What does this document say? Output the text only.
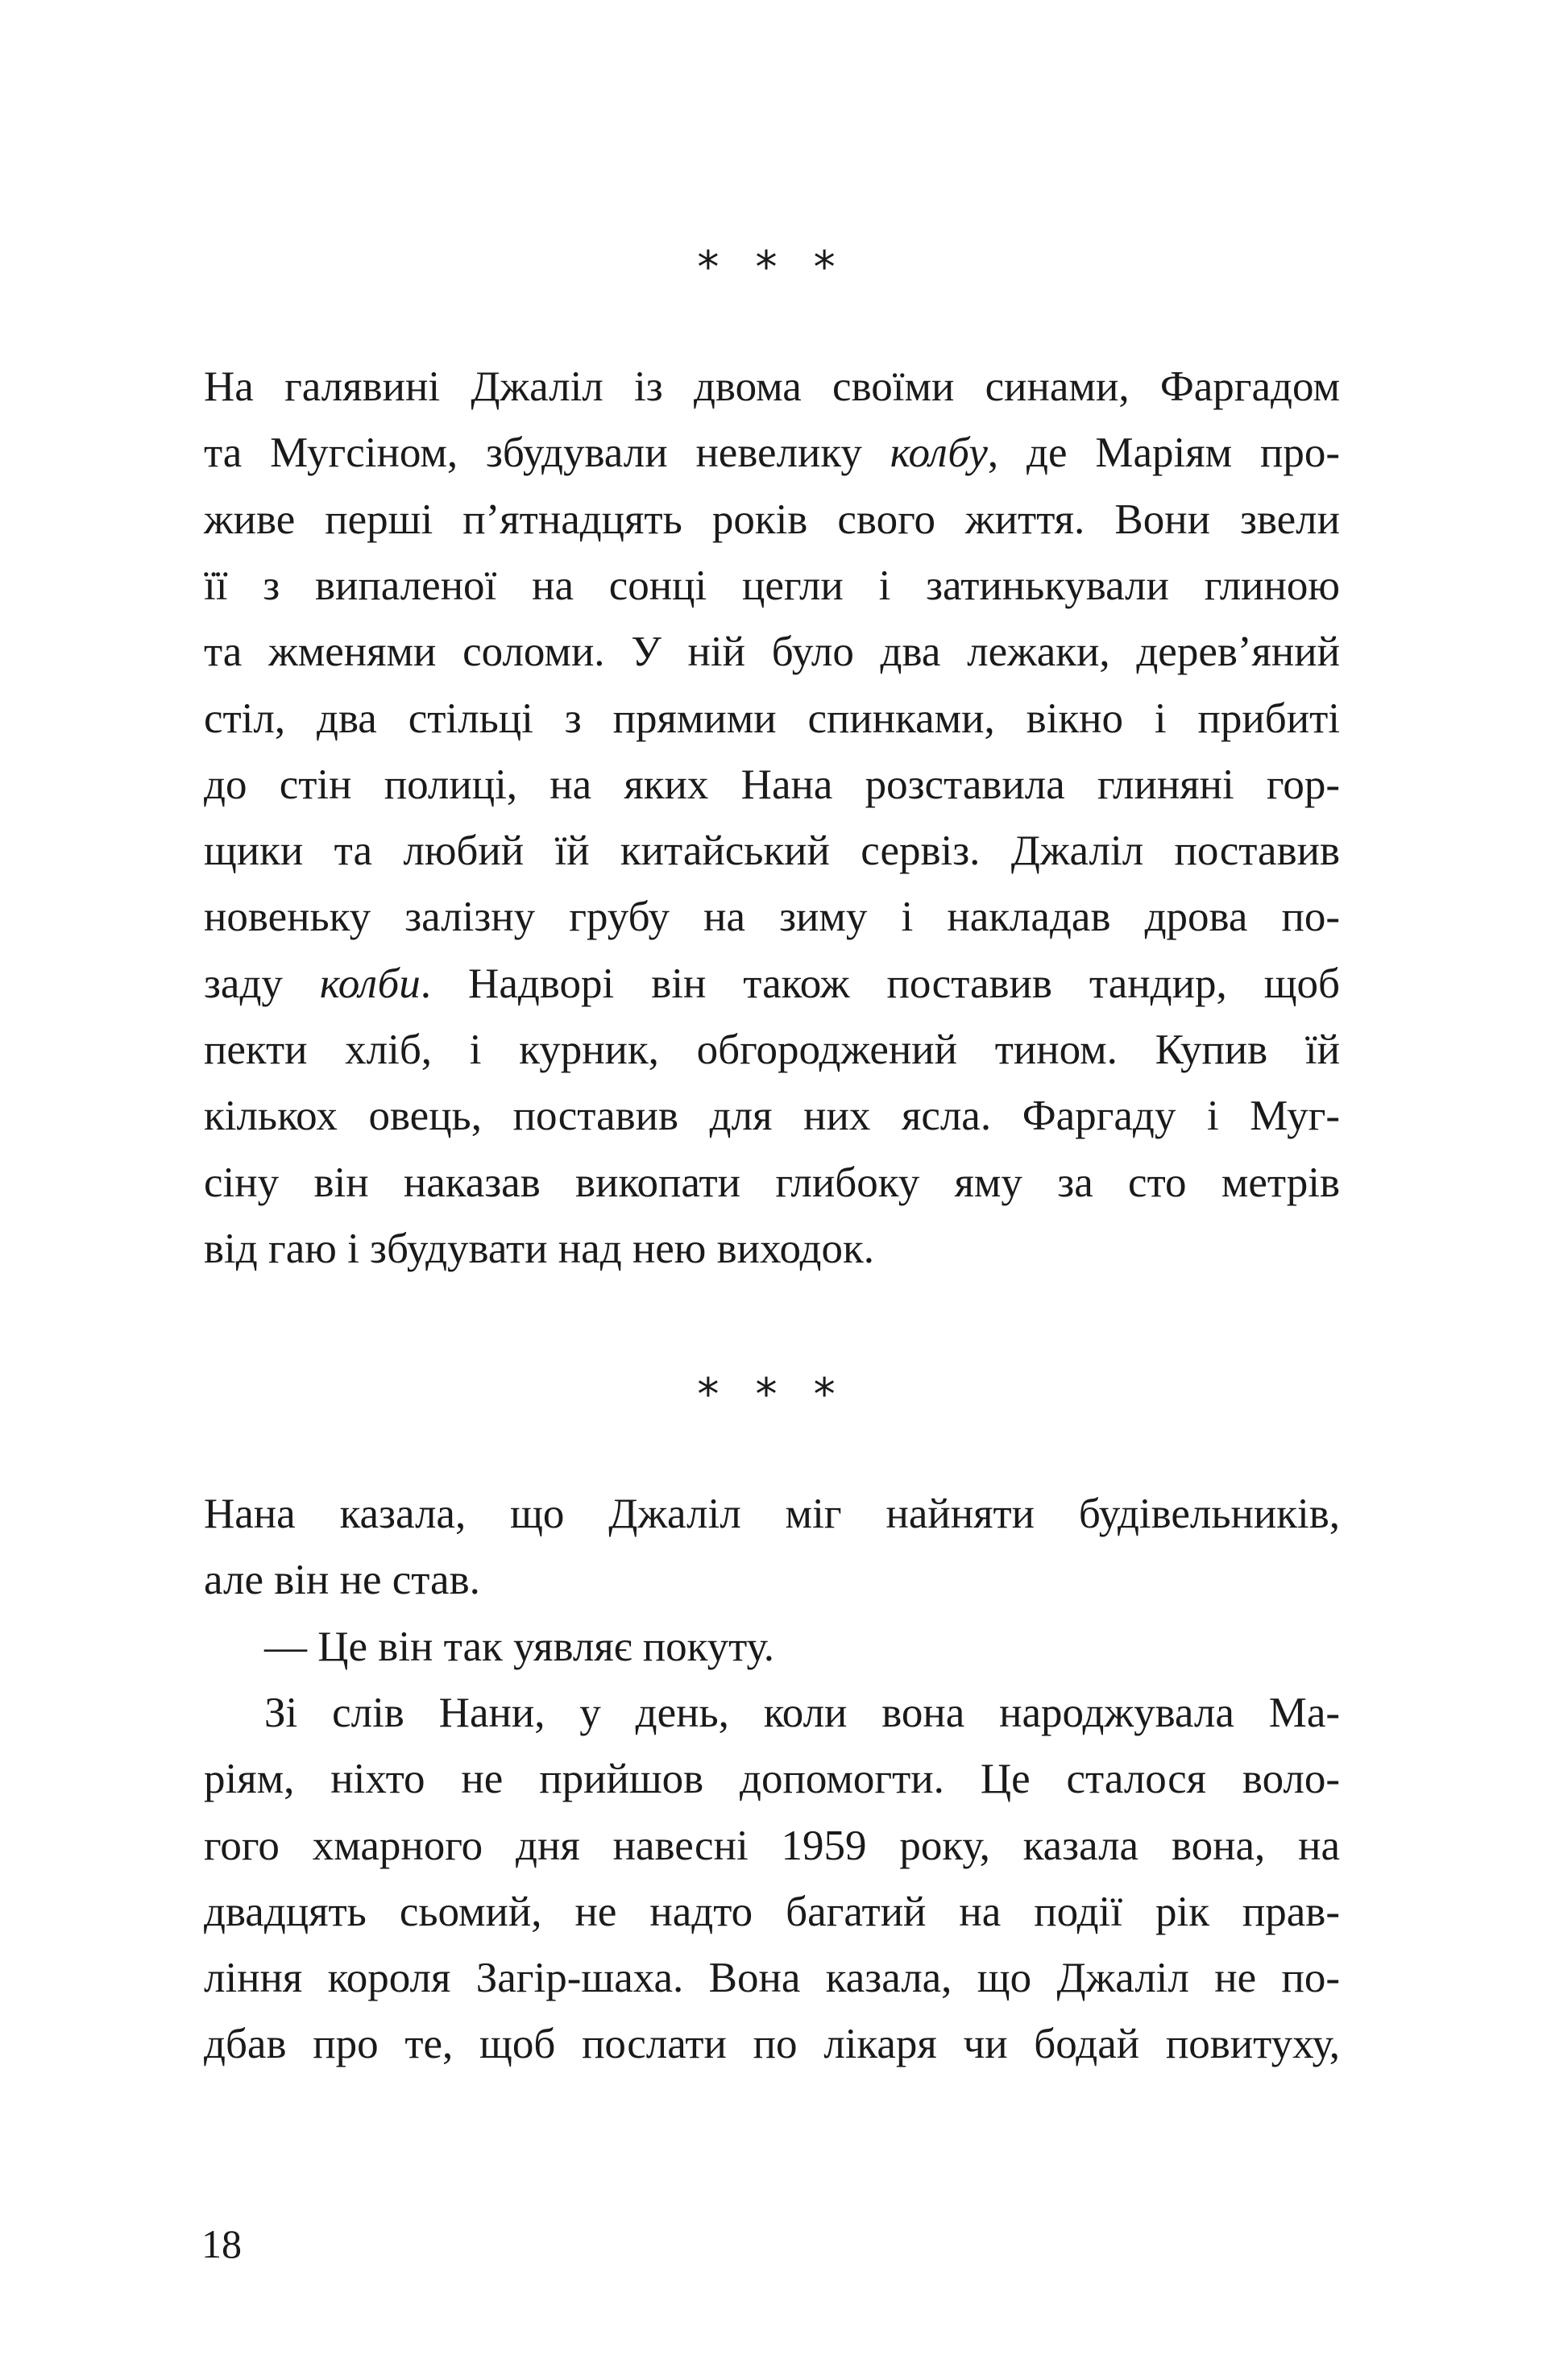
* * *
На галявині Джаліл із двома своїми синами, Фаргадом
та Мугсіном, збудували невелику колбу, де Маріям про-
живе перші п’ятнадцять років свого життя. Вони звели
її з випаленої на сонці цегли і затинькували глиною
та жменями соломи. У ній було два лежаки, дерев’яний
стіл, два стільці з прямими спинками, вікно і прибиті
до стін полиці, на яких Нана розставила глиняні гор-
щики та любий їй китайський сервіз. Джаліл поставив
новеньку залізну грубу на зиму і накладав дрова по-
заду колби. Надворі він також поставив тандир, щоб
пекти хліб, і курник, обгороджений тином. Купив їй
кількох овець, поставив для них ясла. Фаргаду і Муг-
сіну він наказав викопати глибоку яму за сто метрів
від гаю і збудувати над нею виходок.
* * *
Нана казала, що Джаліл міг найняти будівельників,
але він не став.
— Це він так уявляє покуту.
Зі слів Нани, у день, коли вона народжувала Ма-
ріям, ніхто не прийшов допомогти. Це сталося воло-
гого хмарного дня навесні 1959 року, казала вона, на
двадцять сьомий, не надто багатий на події рік прав-
ління короля Загір-шаха. Вона казала, що Джаліл не по-
дбав про те, щоб послати по лікаря чи бодай повитуху,
18
